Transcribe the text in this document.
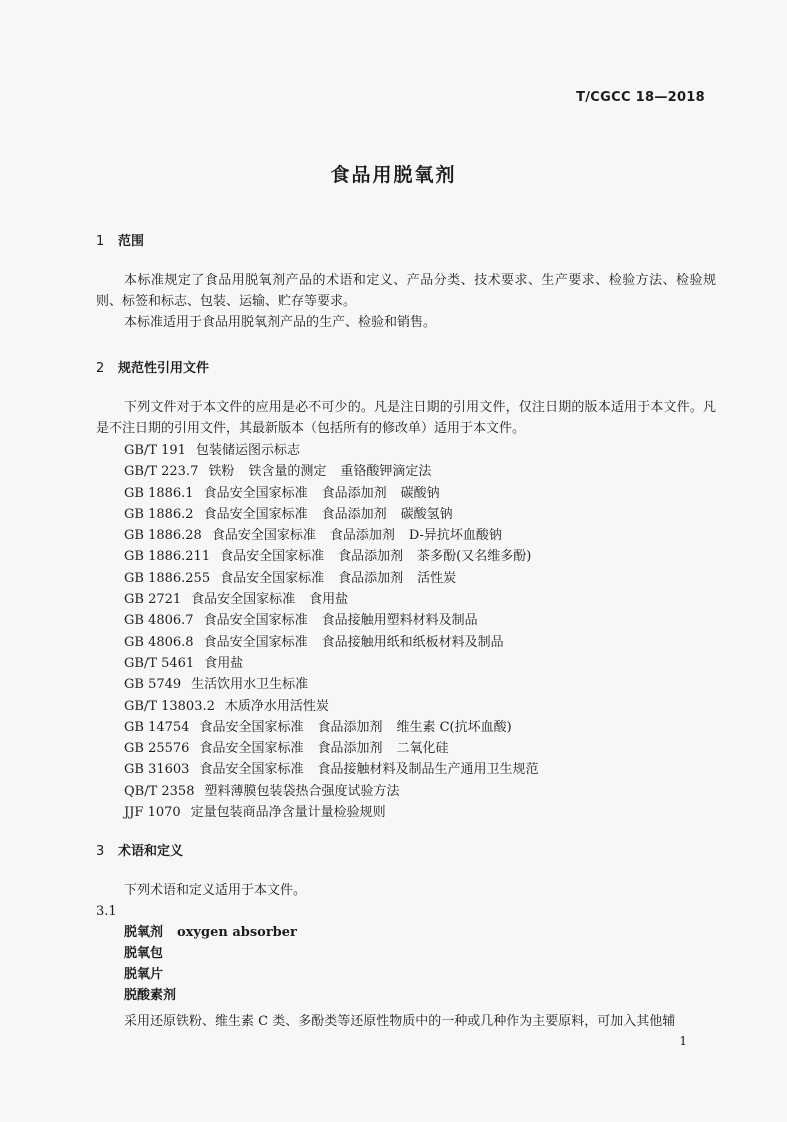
T/CGCC 18—2018
食品用脱氧剂
1 范围

本标准规定了食品用脱氧剂产品的术语和定义、产品分类、技术要求、生产要求、检验方法、检验规则、标签和标志、包装、运输、贮存等要求。

本标准适用于食品用脱氧剂产品的生产、检验和销售。

2 规范性引用文件

下列文件对于本文件的应用是必不可少的。凡是注日期的引用文件，仅注日期的版本适用于本文件。凡是不注日期的引用文件，其最新版本（包括所有的修改单）适用于本文件。

GB/T 191 包装储运图示标志
GB/T 223.7 铁粉 铁含量的测定 重铬酸钾滴定法
GB 1886.1 食品安全国家标准 食品添加剂 碳酸钠
GB 1886.2 食品安全国家标准 食品添加剂 碳酸氢钠
GB 1886.28 食品安全国家标准 食品添加剂 D-异抗坏血酸钠
GB 1886.211 食品安全国家标准 食品添加剂 茶多酚(又名维多酚)
GB 1886.255 食品安全国家标准 食品添加剂 活性炭
GB 2721 食品安全国家标准 食用盐
GB 4806.7 食品安全国家标准 食品接触用塑料材料及制品
GB 4806.8 食品安全国家标准 食品接触用纸和纸板材料及制品
GB/T 5461 食用盐
GB 5749 生活饮用水卫生标准
GB/T 13803.2 木质净水用活性炭
GB 14754 食品安全国家标准 食品添加剂 维生素 C(抗坏血酸)
GB 25576 食品安全国家标准 食品添加剂 二氧化硅
GB 31603 食品安全国家标准 食品接触材料及制品生产通用卫生规范
QB/T 2358 塑料薄膜包装袋热合强度试验方法
JJF 1070 定量包装商品净含量计量检验规则
3 术语和定义

下列术语和定义适用于本文件。

3.1
脱氧剂 oxygen absorber
脱氧包
脱氧片
脱酸素剂
采用还原铁粉、维生素 C 类、多酚类等还原性物质中的一种或几种作为主要原料，可加入其他辅
1
